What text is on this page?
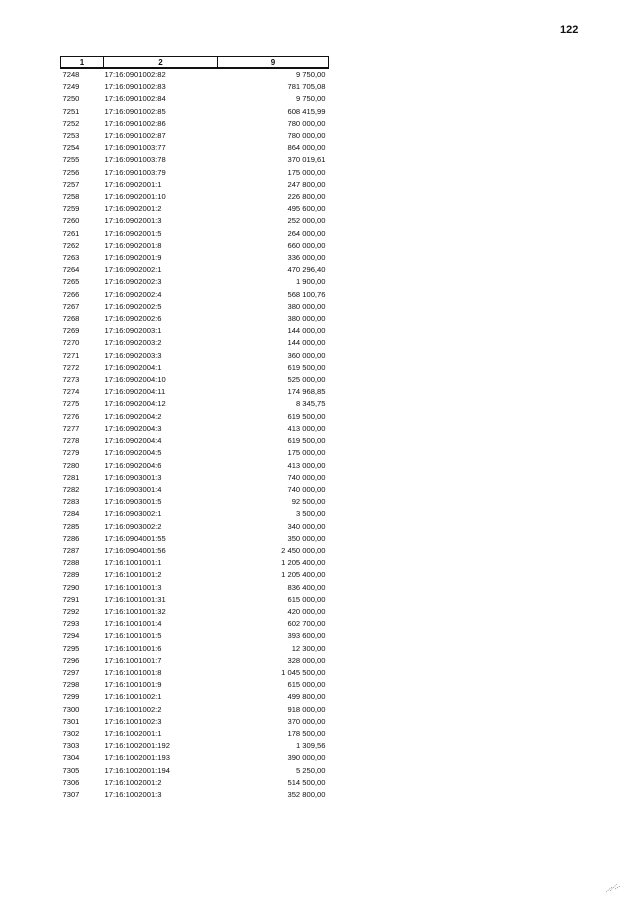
122
1	2	9
7248	17:16:0901002:82	9 750,00
7249	17:16:0901002:83	781 705,08
7250	17:16:0901002:84	9 750,00
7251	17:16:0901002:85	608 415,99
7252	17:16:0901002:86	780 000,00
7253	17:16:0901002:87	780 000,00
7254	17:16:0901003:77	864 000,00
7255	17:16:0901003:78	370 019,61
7256	17:16:0901003:79	175 000,00
7257	17:16:0902001:1	247 800,00
7258	17:16:0902001:10	226 800,00
7259	17:16:0902001:2	495 600,00
7260	17:16:0902001:3	252 000,00
7261	17:16:0902001:5	264 000,00
7262	17:16:0902001:8	660 000,00
7263	17:16:0902001:9	336 000,00
7264	17:16:0902002:1	470 296,40
7265	17:16:0902002:3	1 900,00
7266	17:16:0902002:4	568 100,76
7267	17:16:0902002:5	380 000,00
7268	17:16:0902002:6	380 000,00
7269	17:16:0902003:1	144 000,00
7270	17:16:0902003:2	144 000,00
7271	17:16:0902003:3	360 000,00
7272	17:16:0902004:1	619 500,00
7273	17:16:0902004:10	525 000,00
7274	17:16:0902004:11	174 968,85
7275	17:16:0902004:12	8 345,75
7276	17:16:0902004:2	619 500,00
7277	17:16:0902004:3	413 000,00
7278	17:16:0902004:4	619 500,00
7279	17:16:0902004:5	175 000,00
7280	17:16:0902004:6	413 000,00
7281	17:16:0903001:3	740 000,00
7282	17:16:0903001:4	740 000,00
7283	17:16:0903001:5	92 500,00
7284	17:16:0903002:1	3 500,00
7285	17:16:0903002:2	340 000,00
7286	17:16:0904001:55	350 000,00
7287	17:16:0904001:56	2 450 000,00
7288	17:16:1001001:1	1 205 400,00
7289	17:16:1001001:2	1 205 400,00
7290	17:16:1001001:3	836 400,00
7291	17:16:1001001:31	615 000,00
7292	17:16:1001001:32	420 000,00
7293	17:16:1001001:4	602 700,00
7294	17:16:1001001:5	393 600,00
7295	17:16:1001001:6	12 300,00
7296	17:16:1001001:7	328 000,00
7297	17:16:1001001:8	1 045 500,00
7298	17:16:1001001:9	615 000,00
7299	17:16:1001002:1	499 800,00
7300	17:16:1001002:2	918 000,00
7301	17:16:1001002:3	370 000,00
7302	17:16:1002001:1	178 500,00
7303	17:16:1002001:192	1 309,56
7304	17:16:1002001:193	390 000,00
7305	17:16:1002001:194	5 250,00
7306	17:16:1002001:2	514 500,00
7307	17:16:1002001:3	352 800,00
